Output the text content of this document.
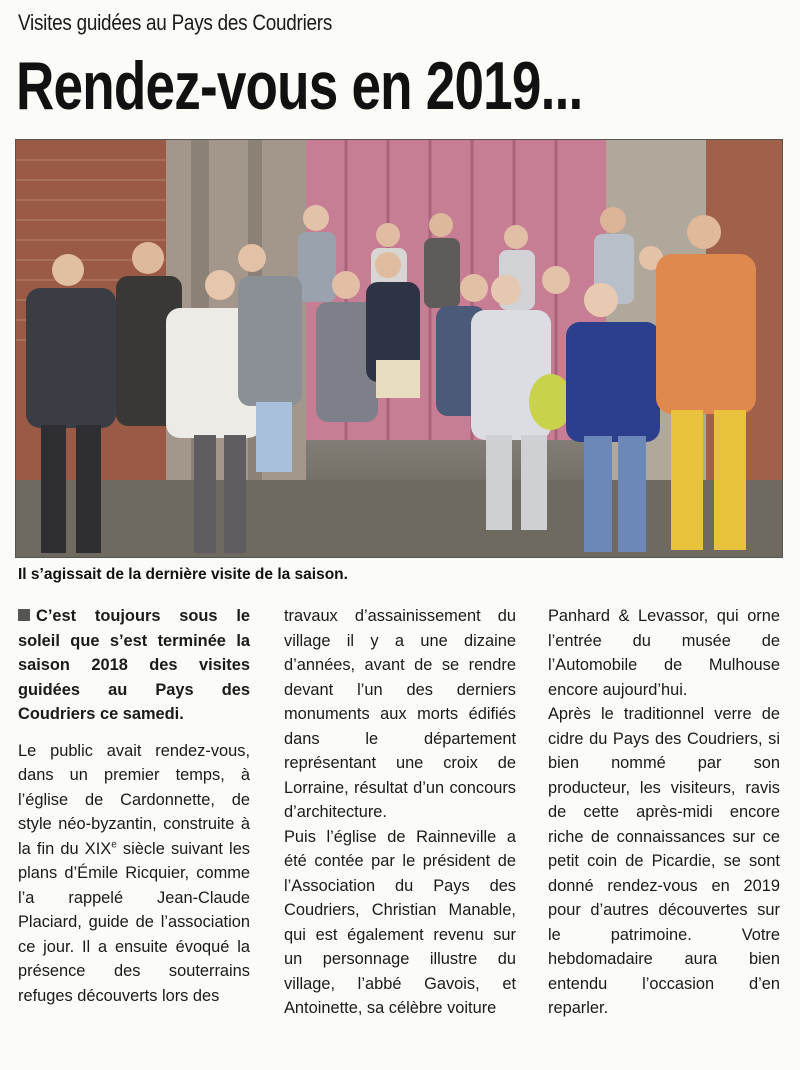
Visites guidées au Pays des Coudriers
Rendez-vous en 2019...
Il s’agissait de la dernière visite de la saison.

C’est toujours sous le soleil que s’est terminée la saison 2018 des visites guidées au Pays des Coudriers ce samedi.

Le public avait rendez-vous, dans un premier temps, à l’église de Cardonnette, de style néo-byzantin, construite à la fin du XIXe siècle suivant les plans d’Émile Ricquier, comme l’a rappelé Jean-Claude Placiard, guide de l’association ce jour. Il a ensuite évoqué la présence des souterrains refuges découverts lors des

travaux d’assainissement du village il y a une dizaine d’années, avant de se rendre devant l’un des derniers monuments aux morts édifiés dans le département représentant une croix de Lorraine, résultat d’un concours d’architecture.

Puis l’église de Rainneville a été contée par le président de l’Association du Pays des Coudriers, Christian Manable, qui est également revenu sur un personnage illustre du village, l’abbé Gavois, et Antoinette, sa célèbre voiture

Panhard & Levassor, qui orne l’entrée du musée de l’Automobile de Mulhouse encore aujourd’hui.

Après le traditionnel verre de cidre du Pays des Coudriers, si bien nommé par son producteur, les visiteurs, ravis de cette après-midi encore riche de connaissances sur ce petit coin de Picardie, se sont donné rendez-vous en 2019 pour d’autres découvertes sur le patrimoine. Votre hebdomadaire aura bien entendu l’occasion d’en reparler.
